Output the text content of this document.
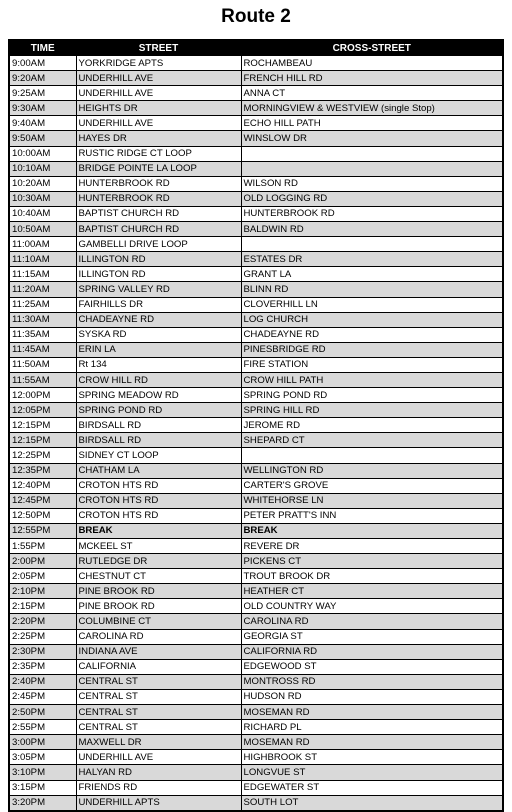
Route 2
TIME	STREET	CROSS-STREET
9:00AM	YORKRIDGE APTS	ROCHAMBEAU
9:20AM	UNDERHILL AVE	FRENCH HILL RD
9:25AM	UNDERHILL AVE	ANNA CT
9:30AM	HEIGHTS DR	MORNINGVIEW & WESTVIEW (single Stop)
9:40AM	UNDERHILL AVE	ECHO HILL PATH
9:50AM	HAYES DR	WINSLOW DR
10:00AM	RUSTIC RIDGE CT LOOP	
10:10AM	BRIDGE POINTE LA LOOP	
10:20AM	HUNTERBROOK RD	WILSON RD
10:30AM	HUNTERBROOK RD	OLD LOGGING RD
10:40AM	BAPTIST CHURCH RD	HUNTERBROOK RD
10:50AM	BAPTIST CHURCH RD	BALDWIN RD
11:00AM	GAMBELLI DRIVE LOOP	
11:10AM	ILLINGTON RD	ESTATES DR
11:15AM	ILLINGTON RD	GRANT LA
11:20AM	SPRING VALLEY RD	BLINN RD
11:25AM	FAIRHILLS DR	CLOVERHILL LN
11:30AM	CHADEAYNE RD	LOG CHURCH
11:35AM	SYSKA RD	CHADEAYNE RD
11:45AM	ERIN LA	PINESBRIDGE RD
11:50AM	Rt 134	FIRE STATION
11:55AM	CROW HILL RD	CROW HILL PATH
12:00PM	SPRING MEADOW RD	SPRING POND RD
12:05PM	SPRING POND RD	SPRING HILL RD
12:15PM	BIRDSALL RD	JEROME RD
12:15PM	BIRDSALL RD	SHEPARD CT
12:25PM	SIDNEY CT LOOP	
12:35PM	CHATHAM LA	WELLINGTON RD
12:40PM	CROTON HTS RD	CARTER'S GROVE
12:45PM	CROTON HTS RD	WHITEHORSE LN
12:50PM	CROTON HTS RD	PETER PRATT'S INN
12:55PM	BREAK	BREAK
1:55PM	MCKEEL ST	REVERE DR
2:00PM	RUTLEDGE DR	PICKENS CT
2:05PM	CHESTNUT CT	TROUT BROOK DR
2:10PM	PINE BROOK RD	HEATHER CT
2:15PM	PINE BROOK RD	OLD COUNTRY WAY
2:20PM	COLUMBINE CT	CAROLINA RD
2:25PM	CAROLINA RD	GEORGIA ST
2:30PM	INDIANA AVE	CALIFORNIA RD
2:35PM	CALIFORNIA	EDGEWOOD ST
2:40PM	CENTRAL ST	MONTROSS RD
2:45PM	CENTRAL ST	HUDSON RD
2:50PM	CENTRAL ST	MOSEMAN RD
2:55PM	CENTRAL ST	RICHARD PL
3:00PM	MAXWELL DR	MOSEMAN RD
3:05PM	UNDERHILL AVE	HIGHBROOK ST
3:10PM	HALYAN RD	LONGVUE ST
3:15PM	FRIENDS RD	EDGEWATER ST
3:20PM	UNDERHILL APTS	SOUTH LOT
